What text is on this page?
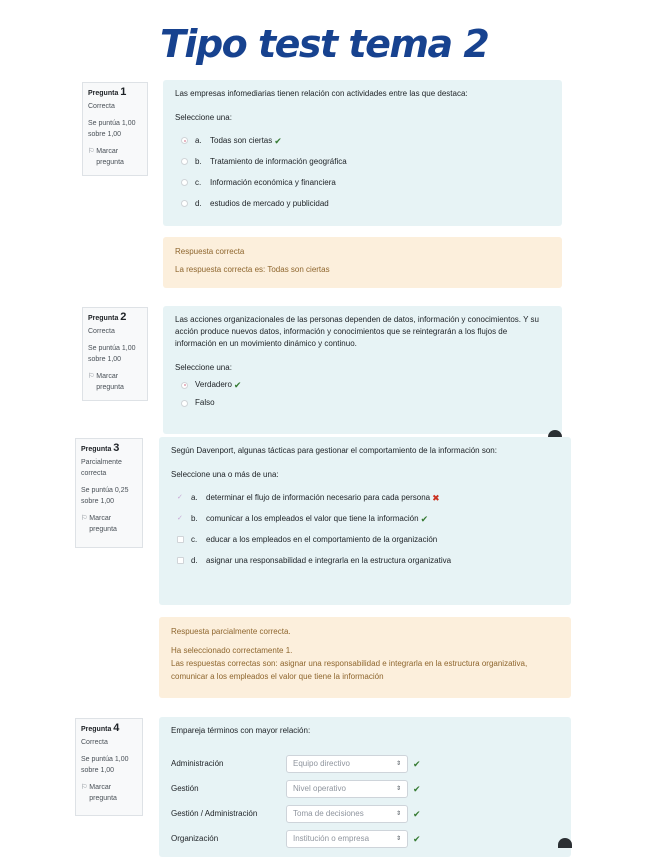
Tipo test tema 2
Pregunta 1
Correcta
Se puntúa 1,00 sobre 1,00
⚐ Marcar pregunta
Las empresas infomediarias tienen relación con actividades entre las que destaca:
Seleccione una:
a.	Todas son ciertas ✔
b.	Tratamiento de información geográfica
c.	Información económica y financiera
d.	estudios de mercado y publicidad
Respuesta correcta
La respuesta correcta es: Todas son ciertas
Pregunta 2
Correcta
Se puntúa 1,00 sobre 1,00
⚐ Marcar pregunta
Las acciones organizacionales de las personas dependen de datos, información y conocimientos. Y su acción produce nuevos datos, información y conocimientos que se reintegrarán a los flujos de información en un movimiento dinámico y continuo.
Seleccione una:
Verdadero ✔
Falso
Pregunta 3
Parcialmente correcta
Se puntúa 0,25 sobre 1,00
⚐ Marcar pregunta
Según Davenport, algunas tácticas para gestionar el comportamiento de la información son:
Seleccione una o más de una:
✓ a.	determinar el flujo de información necesario para cada persona ✖
✓ b.	comunicar a los empleados el valor que tiene la información ✔
c.	educar a los empleados en el comportamiento de la organización
d.	asignar una responsabilidad e integrarla en la estructura organizativa
Respuesta parcialmente correcta.
Ha seleccionado correctamente 1.
Las respuestas correctas son: asignar una responsabilidad e integrarla en la estructura organizativa, comunicar a los empleados el valor que tiene la información
Pregunta 4
Correcta
Se puntúa 1,00 sobre 1,00
⚐ Marcar pregunta
Empareja términos con mayor relación:
Administración	Equipo directivo	⇕ ✔
Gestión	Nivel operativo	⇕ ✔
Gestión / Administración	Toma de decisiones	⇕ ✔
Organización	Institución o empresa	⇕ ✔
